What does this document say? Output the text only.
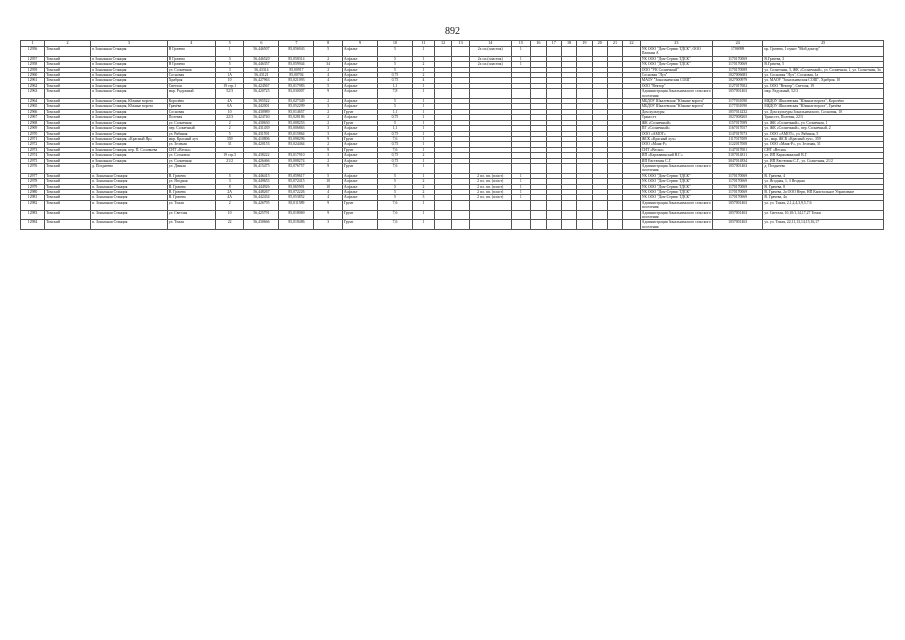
892
1	2	3	4	5	6	7	8	9	10	11	12	13	14	15	16	17	18	19	20	21	22	23	24	25
12956	Томский	п Зональная Станция	В Грачева	1	56,446507	85,056943	5	Асфальт	5	1			2х пл.(пластик)	1								УК ООО "Дом-Сервис ТДСК", ООО Пашкин А	1706998	пр. Грачева, 1 пункт "Мой доктор"
12957	Томский	п Зональная Станция	В Грачева	3	56,446520	85,058314	2	Асфальт	5	1			2х пл.(пластик)	1								УК ООО "Дом-Сервис ТДСК"	1170170069	В.Грачева, 3
12958	Томский	п Зональная Станция	В Грачева	5	56,446357	85,059944	34	Асфальт	5	2			2х пл.(пластик)	1								УК ООО "Дом-Сервис ТДСК"	1170170069	В.Грачева, 5
12959	Томский	п Зональная Станция	ул. Солнечная	3	56,43314	85,00917	2	Асфальт	5	1												ООО "УК Солнечный"	1170170089	ул. Солнечная, 3, ЖК «Солнечный», ул. Солнечная, 1, ул. Солнечная, 3а
12960	Томский	п Зональная Станция	Сосновая	1А	56,43121	85,00704	4	Асфальт	0,75	2												Сосновая "Луч"	1027006683	ул. Сосновая "Луч", Сосновая, 1а
12961	Томский	п Зональная Станция	Храбрая	10	56,427963	85,021093	4	Асфальт	0,75	4												МАОУ "Зональненская СОШ"	1027000979	ул. МАОУ "Зональненская СОШ", Храбрая, 10
12962	Томский	п Зональная Станция	Светлая	19 стр.1	56,424567	85,017983	5	Асфальт	1,1	1												ООО "Вектор"	1127017002	ул. ООО "Вектор", Светлая, 19
12963	Томский	п Зональная Станция	мкр. Радужный	52/3	56,420725	85,030007	9	Асфальт	7,8	1												Администрация Зональненского сельского поселения	1057001463	мкр. Радужный, 52/3
12964	Томский	п Зональная Станция, Южные ворота	Королёва	4А	56,395522	85,027349	2	Асфальт	5	1												МБДОУ Шкалевская "Южные ворота"	1177031090	МБДОУ Шкалевская "Южные ворота", Королёва
12965	Томский	п Зональная Станция, Южные ворота	Грачёва	6А	56,442001	85,052299	3	Асфальт	5	1												МБДОУ Шкалевская "Южные ворота"	1177031090	МБДОУ Шкалевская "Южные ворота", Грачёва
12966	Томский	п Зональная Станция	Сосновая	10	56,430989	85,014657	2	Грунт	1,1	1												Дом культуры	1057014232	ул. Дом культуры Зональненского, Сосновая, 10
12967	Томский	п Зональная Станция	Полевая	22/3	56,424740	85,028186	2	Асфальт	0,75	1												Трансстэ	1027008265	Трансстэ, Полевая, 22/3
12968	Томский	п Зональная Станция	ул. Солнечная	2	56,430630	85,008253	2	Грунт	5	1												ЖК «Солнечный»	1157017089	ул. ЖК «Солнечный», ул. Солнечная, 1
12969	Томский	п Зональная Станция	пер. Солнечный	2	56,431439	85,006863	3	Асфальт	1,1	1												ПГ «Солнечный»	1167017057	ул. ЖК «Солнечный», пер. Солнечный, 2
12970	Томский	п Зональная Станция	ул. Рябиная	5	56,431591	85,015864	3	Асфальт	0,75	1												ООО «АМОТ»	1147017073	ул. ООО «АМОТ», ул. Рябиная, 5
12971	Томский	п Зональная Станция, «Красный Яр»	мкр. Красный луч	359	56,410806	85,098296	9	Грунт	7,6	1												ЖСК «Красный луч»	1117017009	ул., мкр. ЖСК «Красный луч», 359
12972	Томский	п Зональная Станция	ул. Зеленая	31	56,420153	85,024464	2	Асфальт	0,75	1												ООО «Маяк-Р»	1122017008	ул. ООО «Маяк-Р», ул. Зеленая, 31
12973	Томский	п Зональная Станция, пер. П. Соловьева	СНТ «Весна»				9	Грунт	7,6	1												СНТ «Весна»	1147017001	СНТ «Весна»
12974	Томский	п Зональная Станция	ул. Сосновая	19 стр.5	56,438222	85,017910	3	Асфальт	0,75	2												ИП «Каржавинский В.Г.»	3107014811	ул. ИП Каржавинский В.Г.
12975	Томский	п Зональная Станция	ул. Солнечная	21/2	56,426466	85,008274	2	Асфальт	0,75	1												ИП Евстюхин С.Г.	3047014834	ул. ИП Евстюхин С.Г., ул. Солнечная, 21/2
12976	Томский	д. Позднеево	ул. Дачная		56,415475	85,076757	9	Грунт	7,6	1												Администрация Зональненского сельского поселения	1057001463	д. Позднеево
12977	Томский	п. Зональная Станция	В. Грачева	5	56,446415	85,059617	5	Асфальт	5	1			2 пл. пп. (пласт)	1								УК ООО "Дом-Сервис ТДСК"	1170170069	В. Грачева, 4
12978	Томский	п. Зональная Станция	ул. Ягодная	3	56,449653	85,072415	10	Асфальт	5	2			2 пл. пп. (пласт)	1								УК ООО "Дом-Сервис ТДСК"	1170170069	ул. Ягодная, 1, 3 Ягодная
12979	Томский	п. Зональная Станция	В. Грачева	8	56,444926	85,065901	10	Асфальт	5	2			2 пл. пп. (пласт)	1								УК ООО "Дом-Сервис ТДСК"	1170170069	В. Грачева, 8
12980	Томский	п. Зональная Станция	В. Грачева	2А	56,448267	85,072226	4	Асфальт	5	2			2 пл. пп. (пласт)	1								УК ООО "Дом-Сервис ТДСК"	1170170069	В. Грачева, 2а ООО Нерв, НП Капитальное Управление
12981	Томский	п. Зональная Станция	В. Грачева	4А	56,442434	85,053852	4	Асфальт	5	3			2 пл. пп. (пласт)	1								УК ООО "Дом-Сервис ТДСК"	1170170069	В. Грачева, 4а
12982	Томский	п. Зональная Станция	ул. Тихая	2	56,426795	85,011589	9	Грунт	7,6	1												Администрация Зональненского сельского поселения	1057001463	ул. ул. Тихая, 2,1,2,4,3,9,5,7,6
12983	Томский	п. Зональная Станция	ул. Светлая	10	56,425791	85,018069	9	Грунт	7,6	1												Администрация Зональненского сельского поселения	1057001463	ул. Светлая, 10,10/1,14,17,27 Томск
12984	Томский	п. Зональная Станция	ул. Тихая	22	56,430666	85,018486	3	Грунт	7,6	1												Администрация Зональненского сельского поселения	1057001463	ул. ул. Тихая, 22,11,13,14,15,16,17
